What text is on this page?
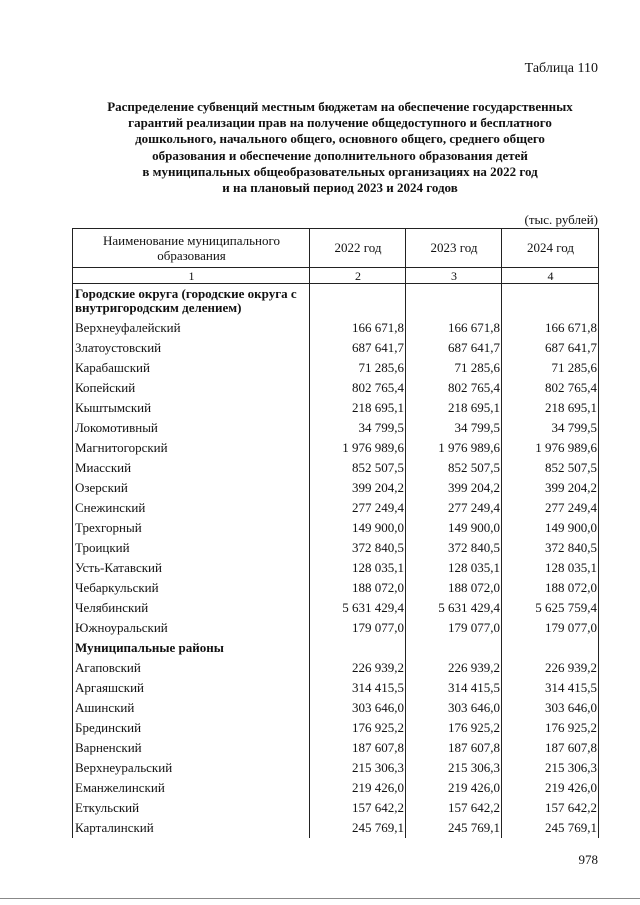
Таблица 110
Распределение субвенций местным бюджетам на обеспечение государственных
гарантий реализации прав на получение общедоступного и бесплатного
дошкольного, начального общего, основного общего, среднего общего
образования и обеспечение дополнительного образования детей
в муниципальных общеобразовательных организациях на 2022 год
и на плановый период 2023 и 2024 годов
(тыс. рублей)
Наименование муниципального образования	2022 год	2023 год	2024 год
1	2	3	4
Городские округа (городские округа с внутригородским делением)			
Верхнеуфалейский	166 671,8	166 671,8	166 671,8
Златоустовский	687 641,7	687 641,7	687 641,7
Карабашский	71 285,6	71 285,6	71 285,6
Копейский	802 765,4	802 765,4	802 765,4
Кыштымский	218 695,1	218 695,1	218 695,1
Локомотивный	34 799,5	34 799,5	34 799,5
Магнитогорский	1 976 989,6	1 976 989,6	1 976 989,6
Миасский	852 507,5	852 507,5	852 507,5
Озерский	399 204,2	399 204,2	399 204,2
Снежинский	277 249,4	277 249,4	277 249,4
Трехгорный	149 900,0	149 900,0	149 900,0
Троицкий	372 840,5	372 840,5	372 840,5
Усть-Катавский	128 035,1	128 035,1	128 035,1
Чебаркульский	188 072,0	188 072,0	188 072,0
Челябинский	5 631 429,4	5 631 429,4	5 625 759,4
Южноуральский	179 077,0	179 077,0	179 077,0
Муниципальные районы			
Агаповский	226 939,2	226 939,2	226 939,2
Аргаяшский	314 415,5	314 415,5	314 415,5
Ашинский	303 646,0	303 646,0	303 646,0
Брединский	176 925,2	176 925,2	176 925,2
Варненский	187 607,8	187 607,8	187 607,8
Верхнеуральский	215 306,3	215 306,3	215 306,3
Еманжелинский	219 426,0	219 426,0	219 426,0
Еткульский	157 642,2	157 642,2	157 642,2
Карталинский	245 769,1	245 769,1	245 769,1
978
